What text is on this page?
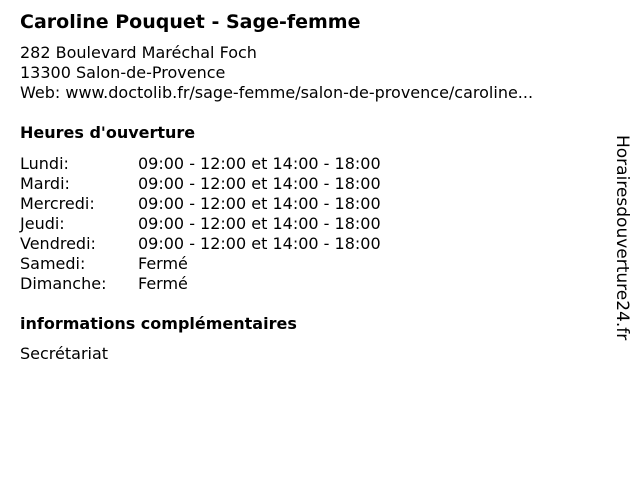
Caroline Pouquet - Sage-femme
282 Boulevard Maréchal Foch
13300 Salon-de-Provence
Web: www.doctolib.fr/sage-femme/salon-de-provence/caroline...
Heures d'ouverture
Lundi:	09:00 - 12:00 et 14:00 - 18:00
Mardi:	09:00 - 12:00 et 14:00 - 18:00
Mercredi:	09:00 - 12:00 et 14:00 - 18:00
Jeudi:	09:00 - 12:00 et 14:00 - 18:00
Vendredi:	09:00 - 12:00 et 14:00 - 18:00
Samedi:	Fermé
Dimanche: Fermé
informations complémentaires
Secrétariat
Horairesdouverture24.fr
